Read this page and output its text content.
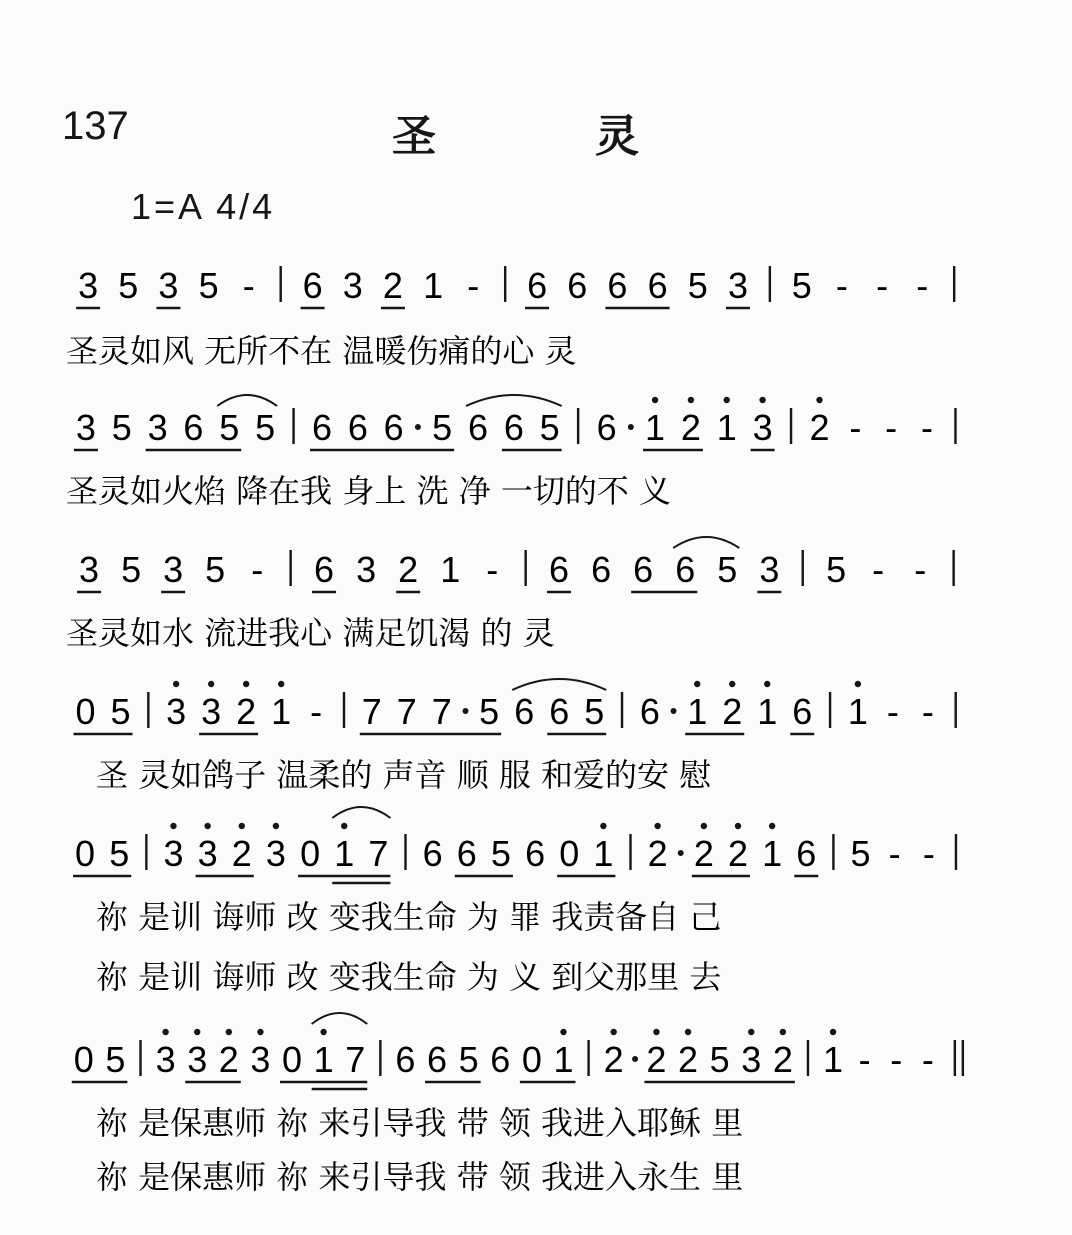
137	圣	灵
1=A 4/4
3 5 3 5 - 6 3 2 1 - 6 6 6 6 5 3 5 - - -
圣灵如风 无所不在 温暖伤痛的心 灵
3 5 3 6 5 5 6 6 6 5 6 6 5 6 1 2 1 3 2 - - -
圣灵如火焰 降在我 身上 洗 净 一切的不 义
3 5 3 5 - 6 3 2 1 - 6 6 6 6 5 3 5 - -
圣灵如水 流进我心 满足饥渴 的 灵
0 5 3 3 2 1 - 7 7 7 5 6 6 5 6 1 2 1 6 1 - -
圣 灵如鸽子 温柔的 声音 顺 服 和爱的安 慰
0 5 3 3 2 3 0 1 7 6 6 5 6 0 1 2 2 2 1 6 5 - -
祢 是训 诲师 改 变我生命 为 罪 我责备自 己
祢 是训 诲师 改 变我生命 为 义 到父那里 去
0 5 3 3 2 3 0 1 7 6 6 5 6 0 1 2 2 2 5 3 2 1 - - -
祢 是保惠师 祢 来引导我 带 领 我进入耶稣 里
祢 是保惠师 祢 来引导我 带 领 我进入永生 里
